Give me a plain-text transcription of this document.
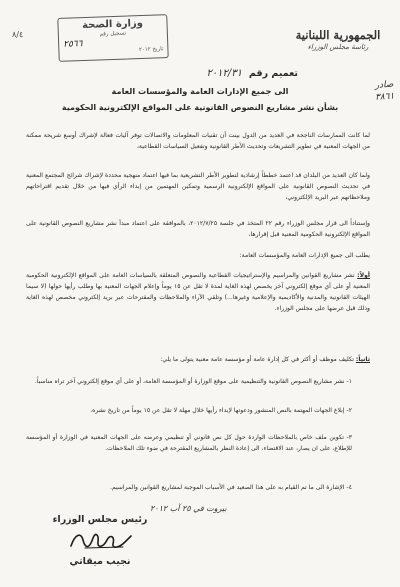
الجمهورية اللبنانية
رئاسة مجلس الوزراء
صادر
٣٨٦١
٨/٤
وزارة الصحة
تسجيل رقم
٢٥٦٦
تاريخ ٢٠١٢
تعميم رقم ٢٠١٢/٣١
الى جميع الإدارات العامة والمؤسسات العامة
بشأن نشر مشاريع النصوص القانونية على المواقع الإلكترونية الحكومية
لما كانت الممارسات الناجحة في العديد من الدول بينت أن تقنيات المعلومات والاتصالات توفر آليات فعالة لإشراك أوسع شريحة ممكنة من الجهات المعنية في تطوير التشريعات وتحديث الأطر القانونية وتفعيل السياسات القطاعية،
ولما كان العديد من البلدان قد اعتمد خططاً إرشادية لتطوير الأطر التشريعية بما فيها اعتماد منهجية محددة لإشراك شرائح المجتمع المعنية في تحديث النصوص القانونية على المواقع الإلكترونية الرسمية وتمكين المهتمين من إبداء الرأي فيها من خلال تقديم اقتراحاتهم وملاحظاتهم عبر البريد الإلكتروني،
وإستناداً الى قرار مجلس الوزراء رقم ٢٢ المتخذ في جلسة ٢٠١٢/٧/٢٥، بالموافقة على اعتماد مبدأ نشر مشاريع النصوص القانونية على المواقع الإلكترونية الحكومية المعنية قبل إقرارها،
يطلب الى جميع الإدارات العامة والمؤسسات العامة:
أولاً: نشر مشاريع القوانين والمراسيم والإستراتيجيات القطاعية والنصوص المتعلقة بالسياسات العامة على المواقع الإلكترونية الحكومية المعنية أو على أي موقع إلكتروني آخر يخصص لهذه الغاية لمدة لا تقل عن ١٥ يوماً وإعلام الجهات المعنية بها وطلب رأيها حولها (لا سيما الهيئات القانونية والمدنية والأكاديمية والإعلامية وغيرها...) وتلقي الآراء والملاحظات والمقترحات عبر بريد إلكتروني مخصص لهذه الغاية وذلك قبل عرضها على مجلس الوزراء.
ثانياً: تكليف موظف أو أكثر في كل إدارة عامة أو مؤسسة عامة معنية يتولى ما يلي:
١- نشر مشاريع النصوص القانونية والتنظيمية على موقع الوزارة أو المؤسسة العامة، أو على أي موقع إلكتروني آخر تراه مناسباً.
٢- إبلاغ الجهات المهتمة بالنص المنشور ودعوتها لإبداء رأيها خلال مهلة لا تقل عن ١٥ يوماً من تاريخ نشره.
٣- تكوين ملف خاص بالملاحظات الواردة حول كل نص قانوني أو تنظيمي وعرضه على الجهات المعنية في الوزارة أو المؤسسة للإطلاع، على ان يصار، عند الاقتضاء، الى إعادة النظر بالمشاريع المقترحة في ضوء تلك الملاحظات.
٤- الإشارة الى ما تم القيام به على هذا الصعيد في الأسباب الموجبة لمشاريع القوانين والمراسيم.
بيروت في ٢٥ آب ٢٠١٢
رئيس مجلس الوزراء
نجيب ميقاتي
